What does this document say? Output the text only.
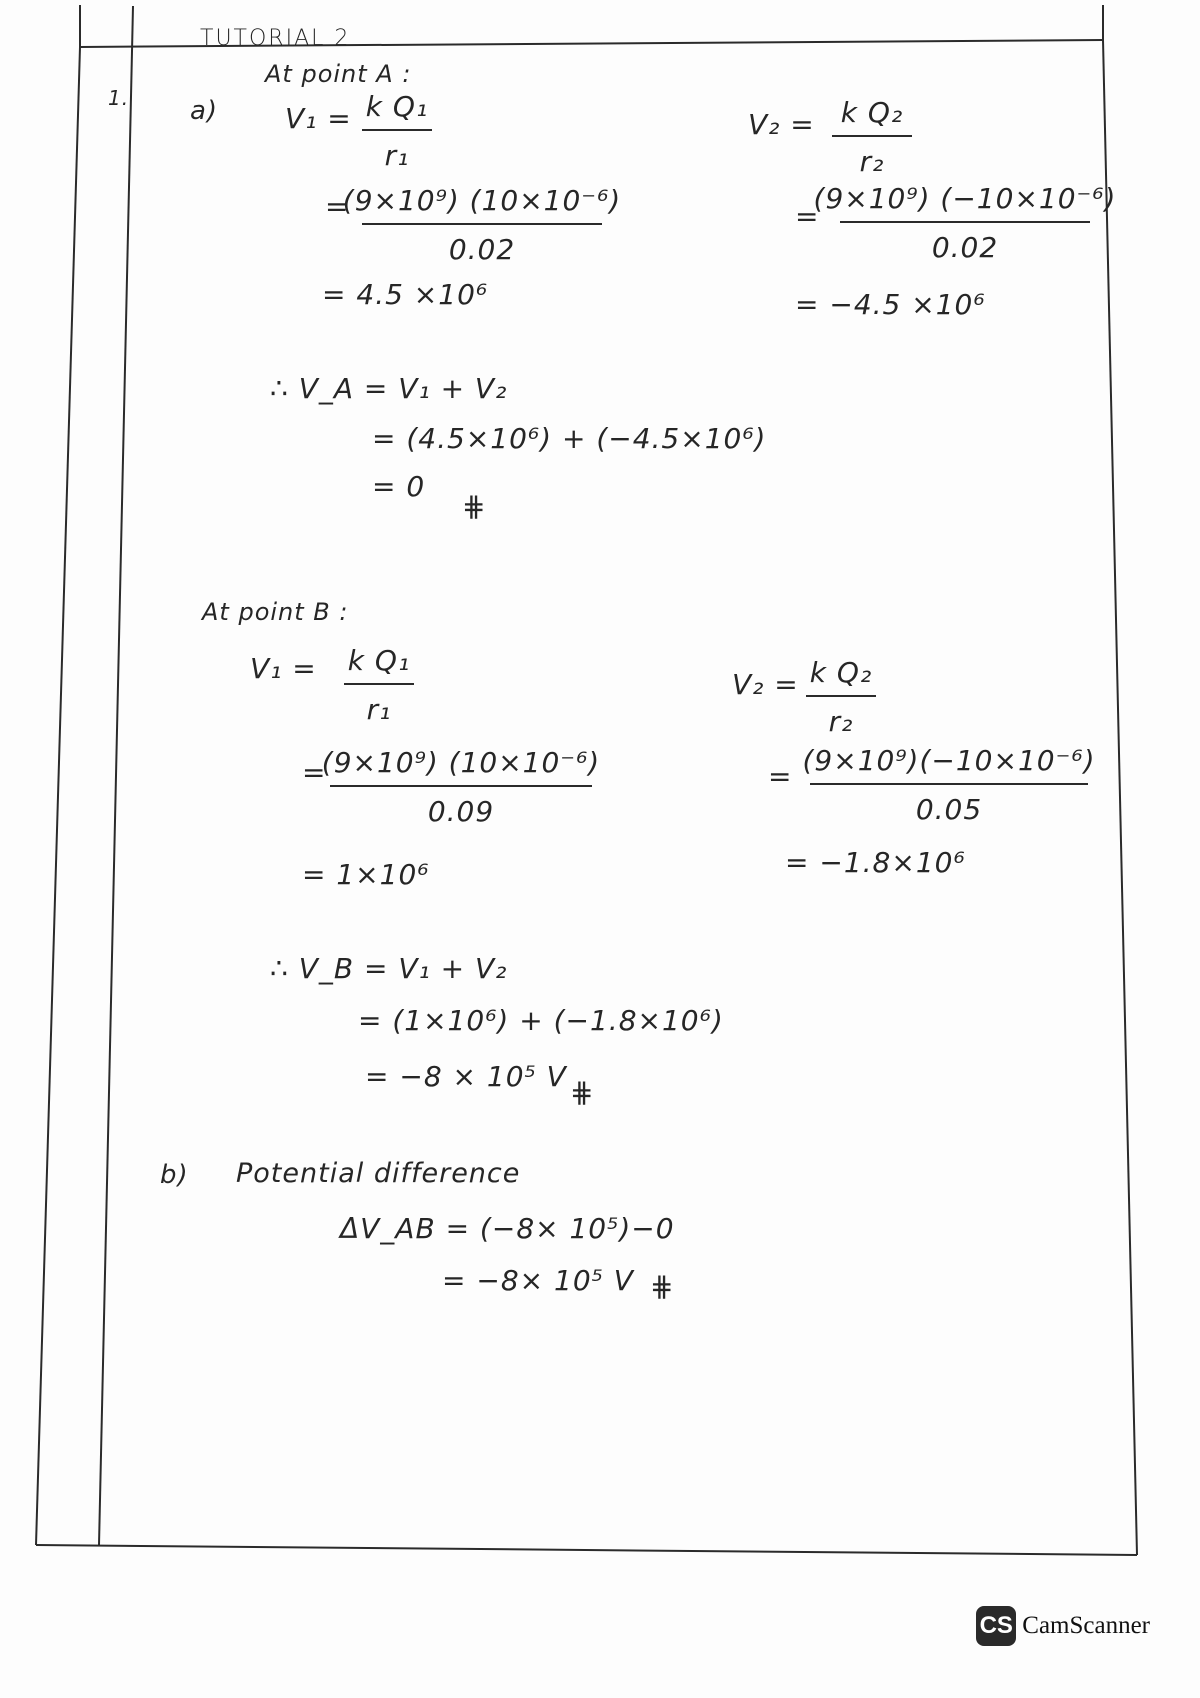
TUTORIAL 2
1. a)
At point A :
V₁ = k Q₁
r₁
=
(9×10⁹) (10×10⁻⁶)
0.02
= 4.5 ×10⁶
V₂ = k Q₂
r₂
=
(9×10⁹) (−10×10⁻⁶)
0.02
= −4.5 ×10⁶
∴ V_A = V₁ + V₂
= (4.5×10⁶) + (−4.5×10⁶)
= 0
⋕
At point B :
V₁ = k Q₁
r₁
=
(9×10⁹) (10×10⁻⁶)
0.09
= 1×10⁶
V₂ = k Q₂
r₂
= (9×10⁹)(−10×10⁻⁶)
0.05
= −1.8×10⁶
∴ V_B = V₁ + V₂
= (1×10⁶) + (−1.8×10⁶)
= −8 × 10⁵ V ⋕
b) Potential difference
ΔV_AB = (−8× 10⁵)−0
= −8× 10⁵ V ⋕
CS CamScanner
